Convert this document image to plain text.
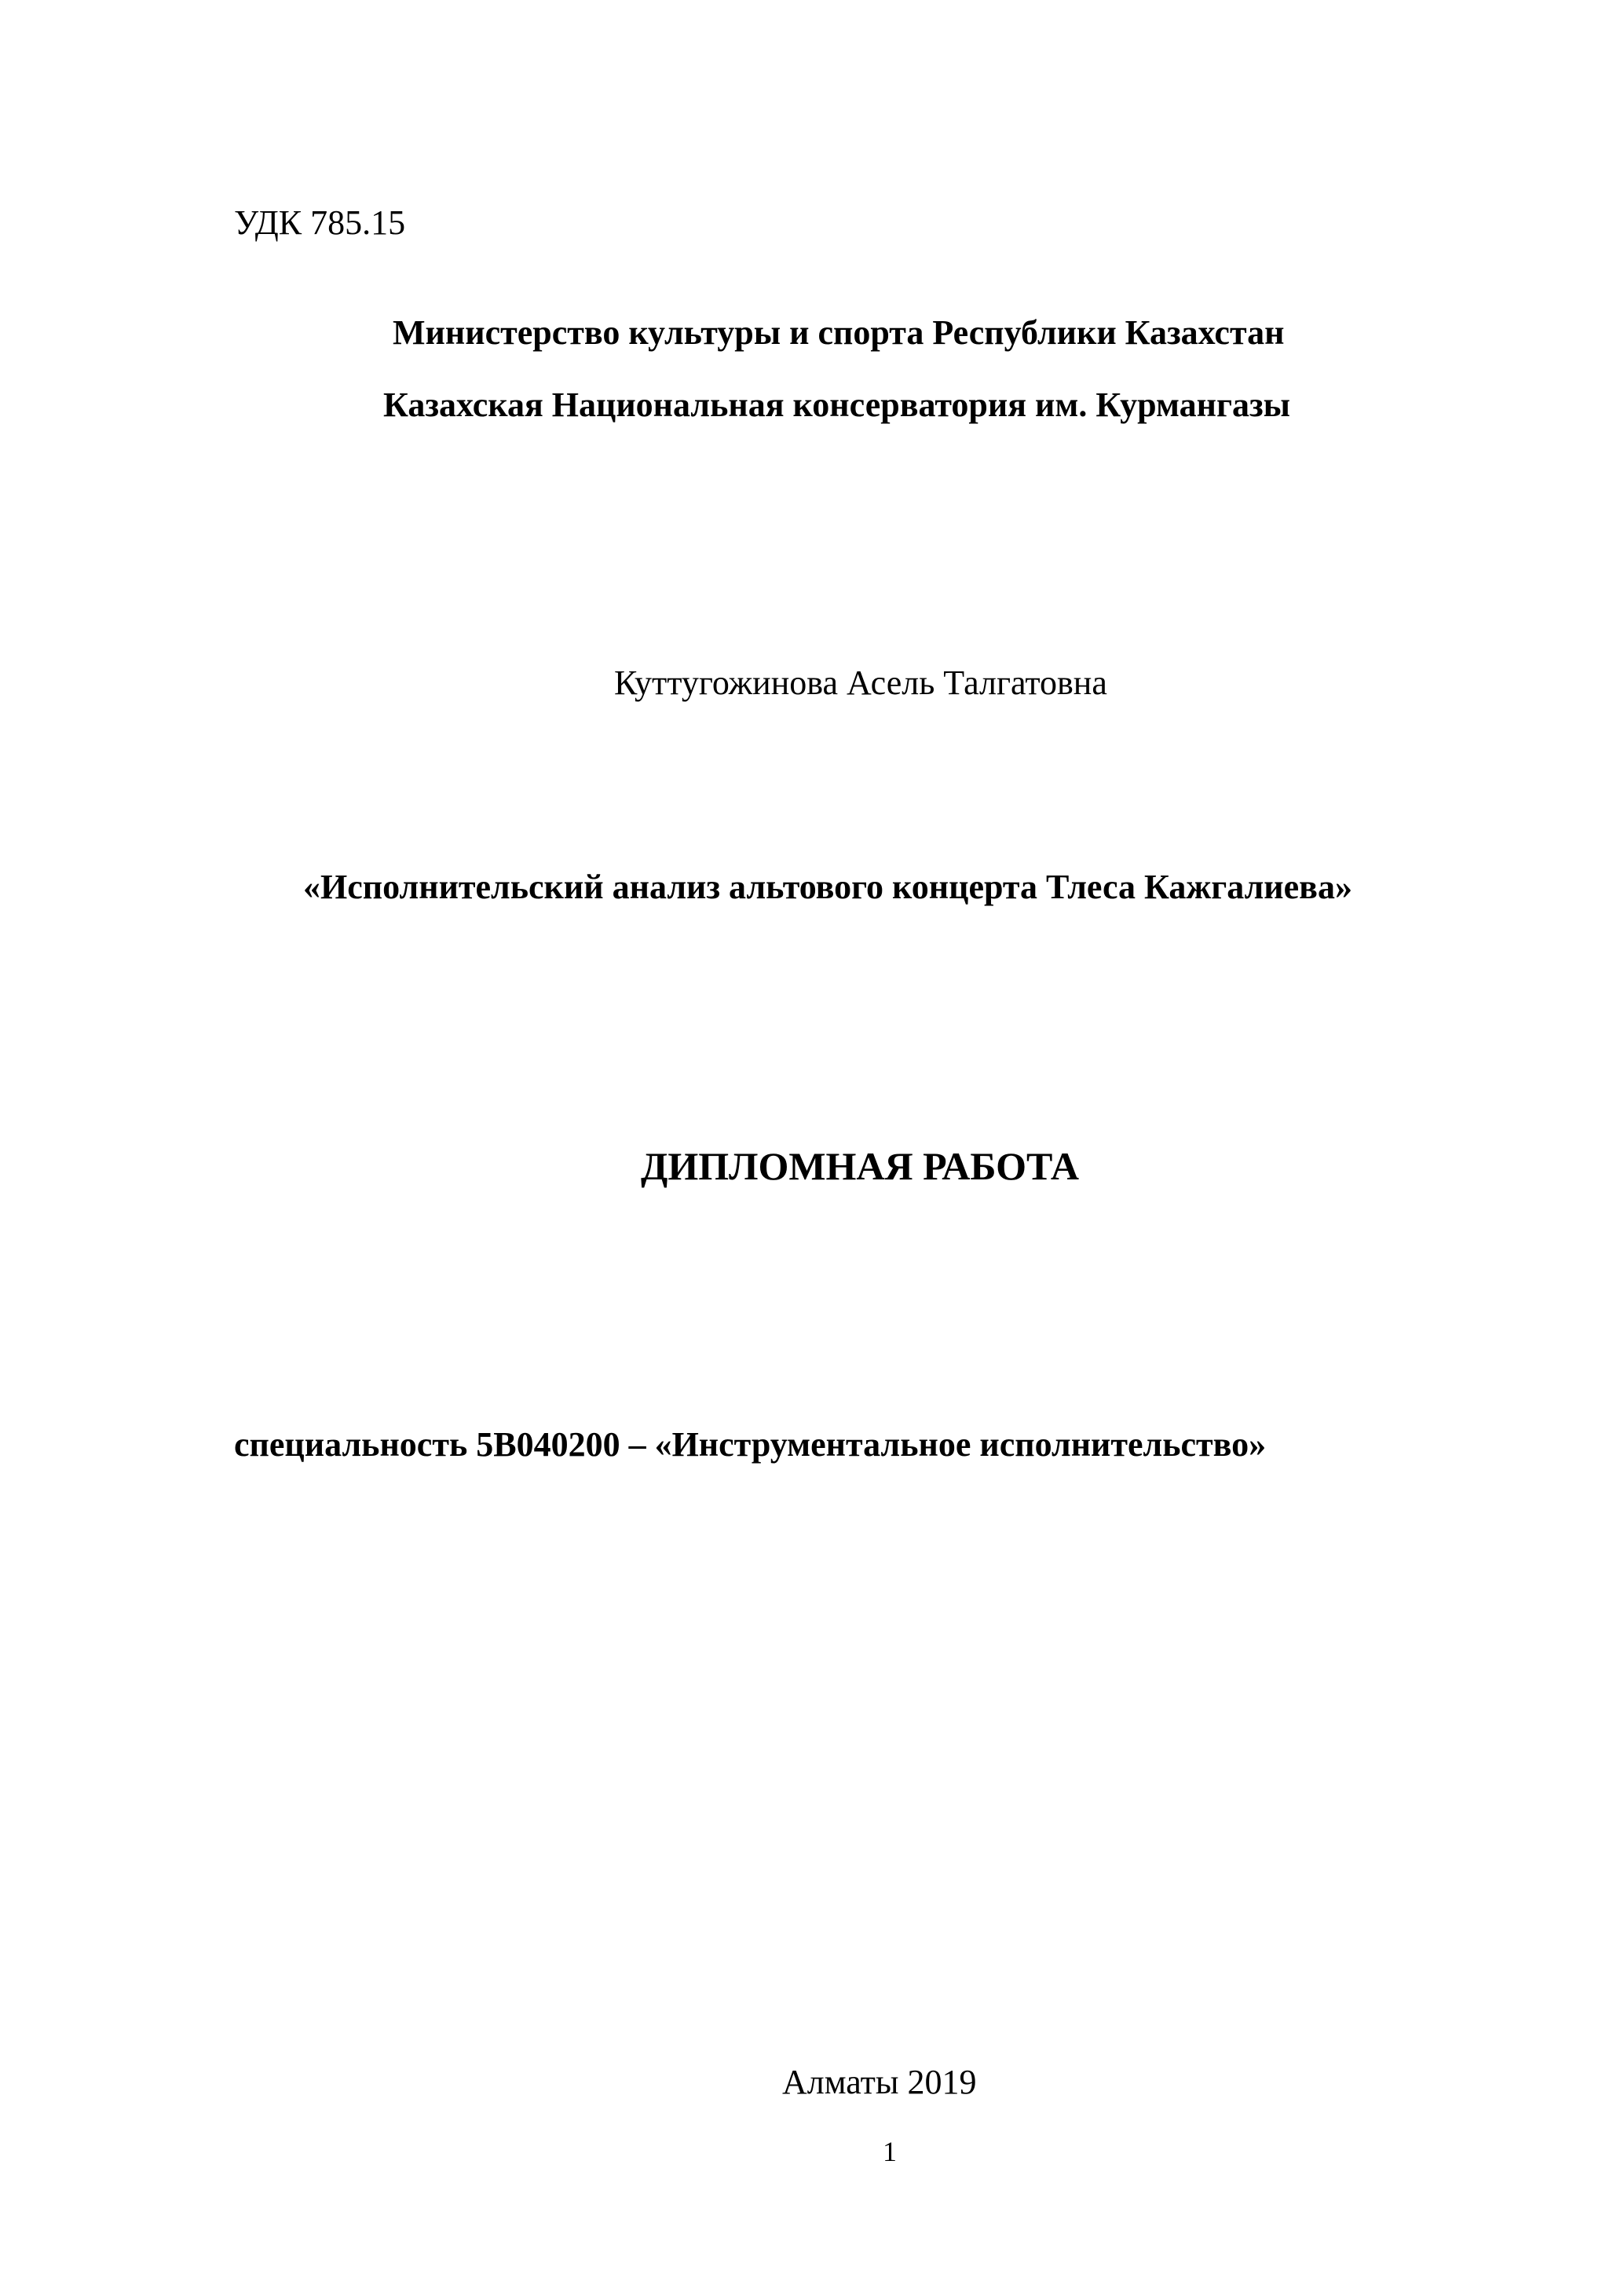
УДК 785.15
Министерство культуры и спорта Республики Казахстан
Казахская Национальная консерватория им. Курмангазы
Куттугожинова Асель Талгатовна
«Исполнительский анализ альтового концерта Тлеса Кажгалиева»
ДИПЛОМНАЯ РАБОТА
специальность 5В040200 – «Инструментальное исполнительство»
Алматы 2019
1
